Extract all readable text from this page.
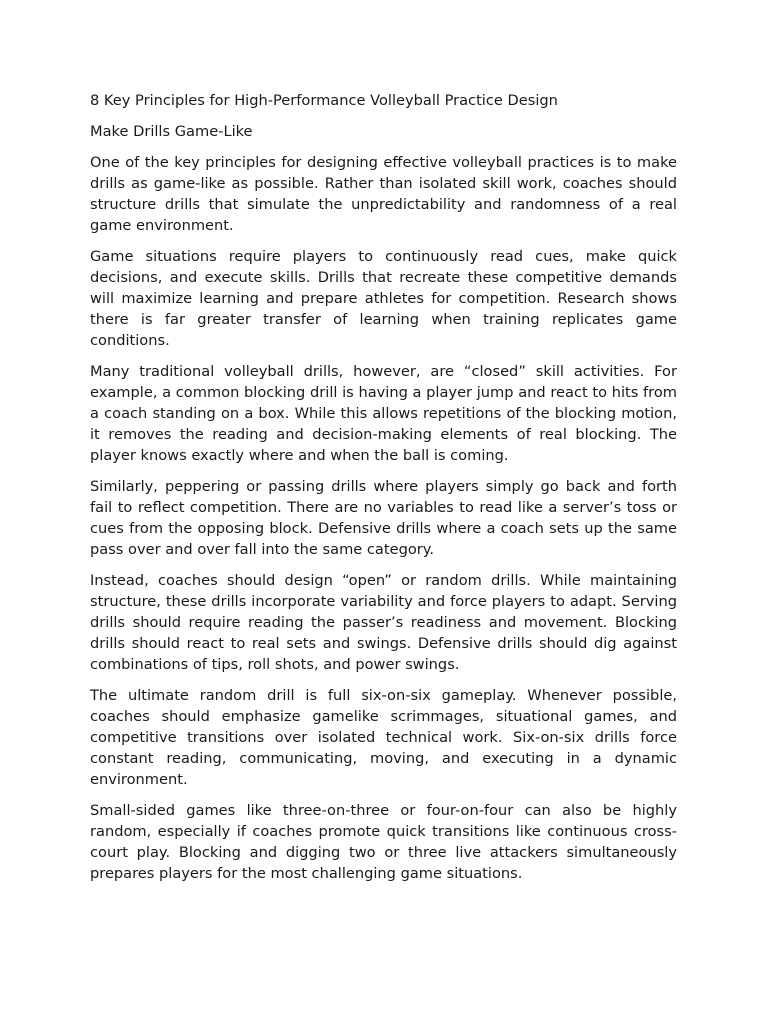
8 Key Principles for High-Performance Volleyball Practice Design

Make Drills Game-Like

One of the key principles for designing effective volleyball practices is to make drills as game-like as possible. Rather than isolated skill work, coaches should structure drills that simulate the unpredictability and randomness of a real game environment.

Game situations require players to continuously read cues, make quick decisions, and execute skills. Drills that recreate these competitive demands will maximize learning and prepare athletes for competition. Research shows there is far greater transfer of learning when training replicates game conditions.

Many traditional volleyball drills, however, are “closed” skill activities. For example, a common blocking drill is having a player jump and react to hits from a coach standing on a box. While this allows repetitions of the blocking motion, it removes the reading and decision-making elements of real blocking. The player knows exactly where and when the ball is coming.

Similarly, peppering or passing drills where players simply go back and forth fail to reflect competition. There are no variables to read like a server’s toss or cues from the opposing block. Defensive drills where a coach sets up the same pass over and over fall into the same category.

Instead, coaches should design “open” or random drills. While maintaining structure, these drills incorporate variability and force players to adapt. Serving drills should require reading the passer’s readiness and movement. Blocking drills should react to real sets and swings. Defensive drills should dig against combinations of tips, roll shots, and power swings.

The ultimate random drill is full six-on-six gameplay. Whenever possible, coaches should emphasize gamelike scrimmages, situational games, and competitive transitions over isolated technical work. Six-on-six drills force constant reading, communicating, moving, and executing in a dynamic environment.

Small-sided games like three-on-three or four-on-four can also be highly random, especially if coaches promote quick transitions like continuous cross-court play. Blocking and digging two or three live attackers simultaneously prepares players for the most challenging game situations.
